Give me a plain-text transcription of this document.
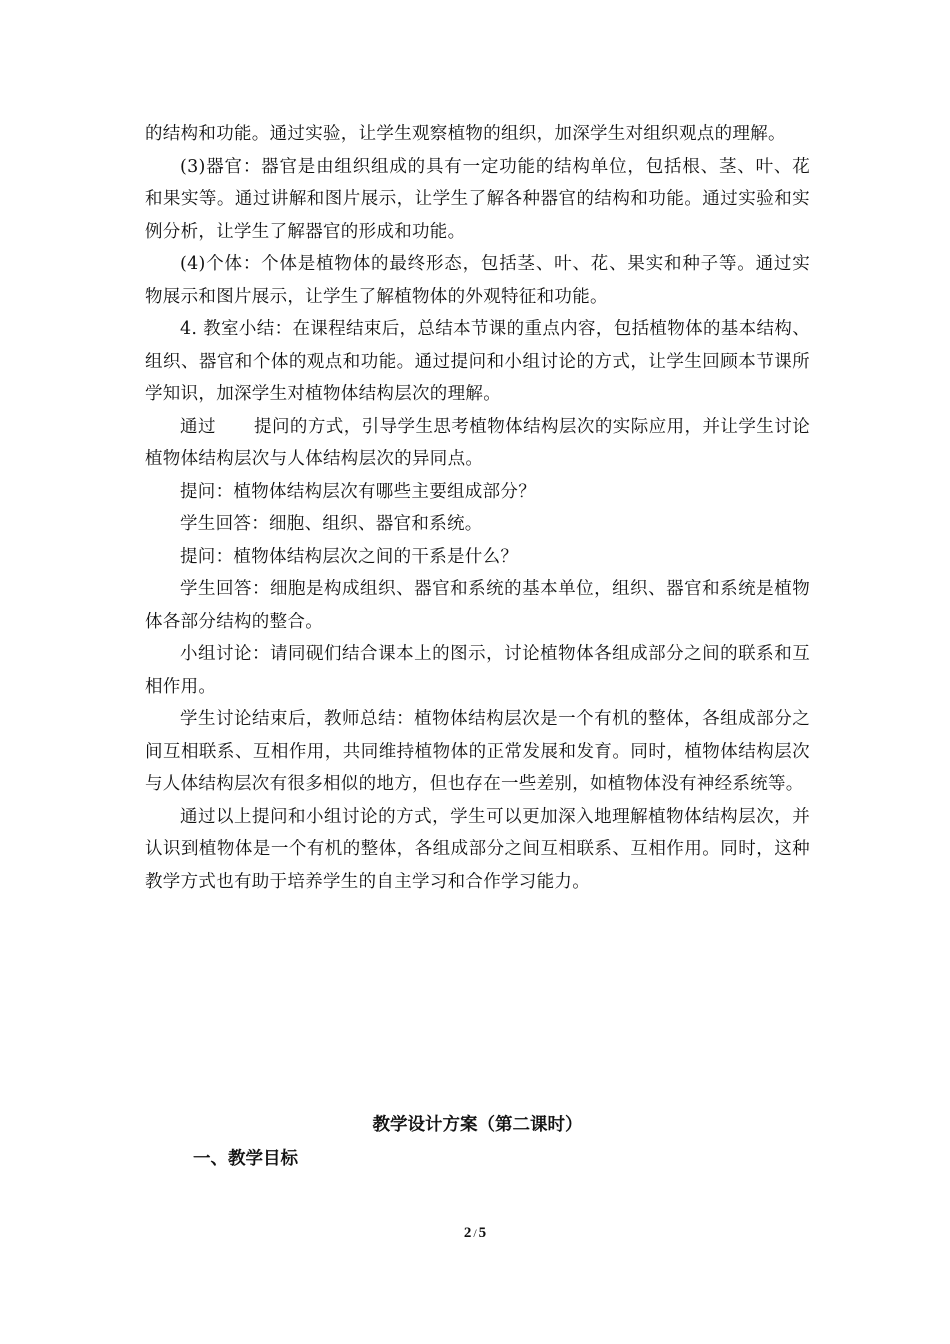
的结构和功能。通过实验，让学生观察植物的组织，加深学生对组织观点的理解。

(3)器官：器官是由组织组成的具有一定功能的结构单位，包括根、茎、叶、花和果实等。通过讲解和图片展示，让学生了解各种器官的结构和功能。通过实验和实例分析，让学生了解器官的形成和功能。

(4)个体：个体是植物体的最终形态，包括茎、叶、花、果实和种子等。通过实物展示和图片展示，让学生了解植物体的外观特征和功能。

4. 教室小结：在课程结束后，总结本节课的重点内容，包括植物体的基本结构、组织、器官和个体的观点和功能。通过提问和小组讨论的方式，让学生回顾本节课所学知识，加深学生对植物体结构层次的理解。

通过 提问的方式，引导学生思考植物体结构层次的实际应用，并让学生讨论植物体结构层次与人体结构层次的异同点。

提问：植物体结构层次有哪些主要组成部分？

学生回答：细胞、组织、器官和系统。

提问：植物体结构层次之间的干系是什么？

学生回答：细胞是构成组织、器官和系统的基本单位，组织、器官和系统是植物体各部分结构的整合。

小组讨论：请同砚们结合课本上的图示，讨论植物体各组成部分之间的联系和互相作用。

学生讨论结束后，教师总结：植物体结构层次是一个有机的整体，各组成部分之间互相联系、互相作用，共同维持植物体的正常发展和发育。同时，植物体结构层次与人体结构层次有很多相似的地方，但也存在一些差别，如植物体没有神经系统等。

通过以上提问和小组讨论的方式，学生可以更加深入地理解植物体结构层次，并认识到植物体是一个有机的整体，各组成部分之间互相联系、互相作用。同时，这种教学方式也有助于培养学生的自主学习和合作学习能力。

教学设计方案（第二课时）

一、教学目标

2 / 5
